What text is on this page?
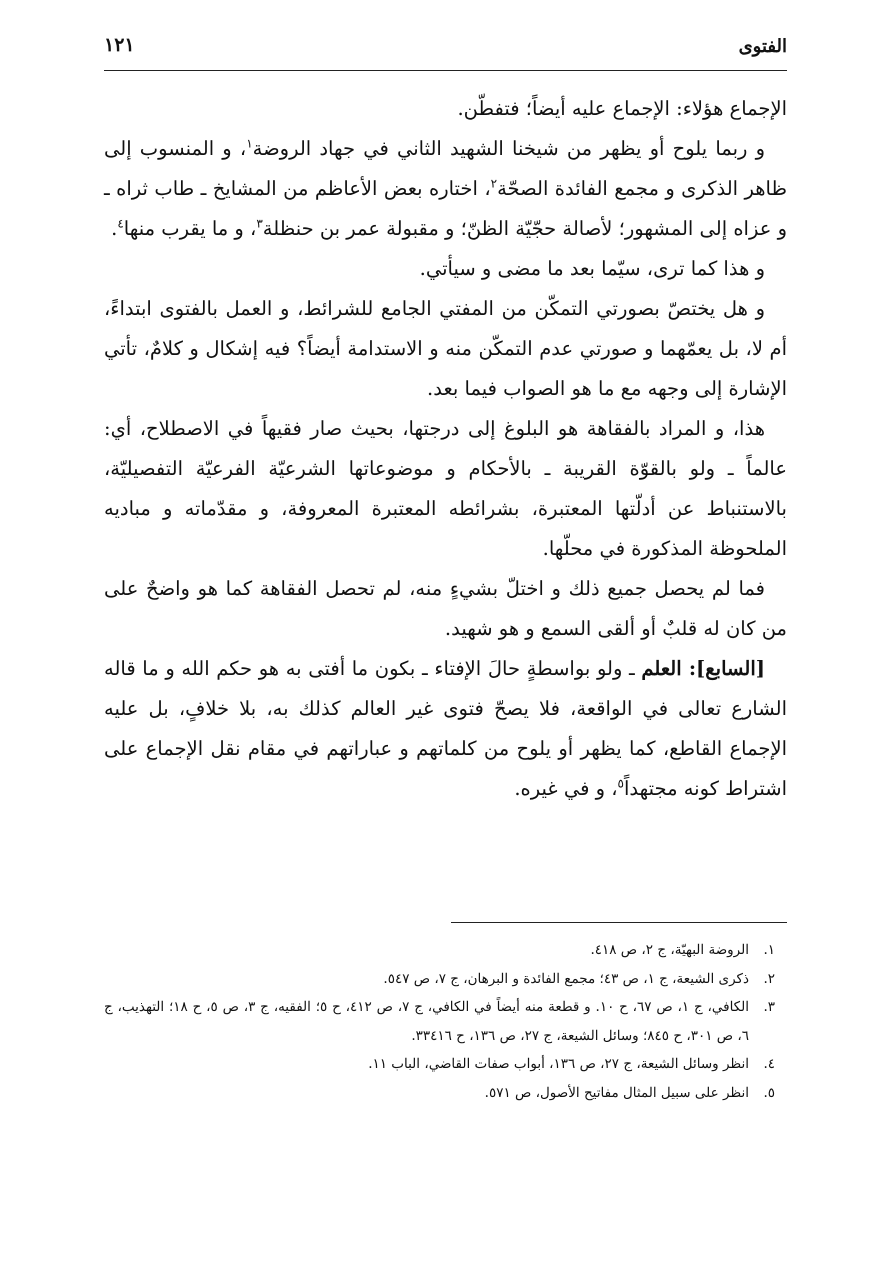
الفتوى
١٢١

الإجماع هؤلاء: الإجماع عليه أيضاً؛ فتفطّن.

و ربما يلوح أو يظهر من شيخنا الشهيد الثاني في جهاد الروضة$^١$، و المنسوب إلى ظاهر الذكرى و مجمع الفائدة الصحّة$^٢$، اختاره بعض الأعاظم من المشايخ ـ طاب ثراه ـ و عزاه إلى المشهور؛ لأصالة حجّيّة الظنّ؛ و مقبولة عمر بن حنظلة$^٣$، و ما يقرب منها$^٤$.

و هذا كما ترى، سيّما بعد ما مضى و سيأتي.

و هل يختصّ بصورتي التمكّن من المفتي الجامع للشرائط، و العمل بالفتوى ابتداءً، أم لا، بل يعمّهما و صورتي عدم التمكّن منه و الاستدامة أيضاً؟ فيه إشكال و كلامٌ، تأتي الإشارة إلى وجهه مع ما هو الصواب فيما بعد.

هذا، و المراد بالفقاهة هو البلوغ إلى درجتها، بحيث صار فقيهاً في الاصطلاح، أي: عالماً ـ ولو بالقوّة القريبة ـ بالأحكام و موضوعاتها الشرعيّة الفرعيّة التفصيليّة، بالاستنباط عن أدلّتها المعتبرة، بشرائطه المعتبرة المعروفة، و مقدّماته و مباديه الملحوظة المذكورة في محلّها.

فما لم يحصل جميع ذلك و اختلّ بشيءٍ منه، لم تحصل الفقاهة كما هو واضحٌ على من كان له قلبٌ أو ألقى السمع و هو شهيد.

[السابع]: العلم ـ ولو بواسطةٍ حالَ الإفتاء ـ بكون ما أفتى به هو حكم الله و ما قاله الشارع تعالى في الواقعة، فلا يصحّ فتوى غير العالم كذلك به، بلا خلافٍ، بل عليه الإجماع القاطع، كما يظهر أو يلوح من كلماتهم و عباراتهم في مقام نقل الإجماع على اشتراط كونه مجتهداً$^٥$، و في غيره.

١.
الروضة البهيّة، ج ٢، ص ٤١٨.
٢.
ذكرى الشيعة، ج ١، ص ٤٣؛ مجمع الفائدة و البرهان، ج ٧، ص ٥٤٧.
٣.
الكافي، ج ١، ص ٦٧، ح ١٠. و قطعة منه أيضاً في الكافي، ج ٧، ص ٤١٢، ح ٥؛ الفقيه، ج ٣، ص ٥، ح ١٨؛ التهذيب، ج ٦، ص ٣٠١، ح ٨٤٥؛ وسائل الشيعة، ج ٢٧، ص ١٣٦، ح ٣٣٤١٦.
٤.
انظر وسائل الشيعة، ج ٢٧، ص ١٣٦، أبواب صفات القاضي، الباب ١١.
٥.
انظر على سبيل المثال مفاتيح الأصول، ص ٥٧١.
